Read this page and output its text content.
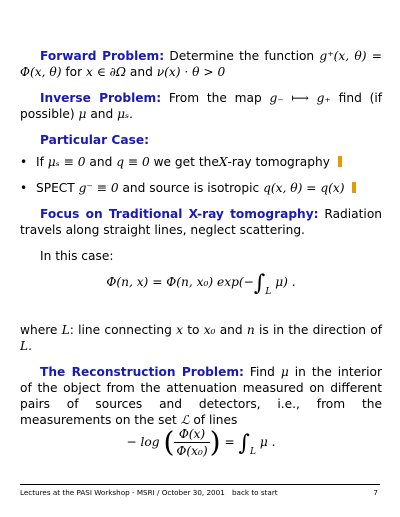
Forward Problem: Determine the function g⁺(x, θ) = Φ(x, θ) for x ∈ ∂Ω and ν(x) · θ > 0

Inverse Problem: From the map g₋ ⟼ g₊ find (if possible) μ and μₛ.

Particular Case:

• If μₛ ≡ 0 and q ≡ 0 we get theX-ray tomography
• SPECT g⁻ ≡ 0 and source is isotropic q(x, θ) = q(x)

Focus on Traditional X-ray tomography: Radiation travels along straight lines, neglect scattering.

In this case:

Φ(n, x) = Φ(n, x₀) $\exp(-\int_L$ μ) .

where L: line connecting x to x₀ and n is in the direction of L.

The Reconstruction Problem: Find μ in the interior of the object from the attenuation measured on different pairs of sources and detectors, i.e., from the measurements on the set ℒ of lines

− log ( $\frac{\Phi(x)}{\text{Φ(x₀)}}$ ) = $\int_L$ μ .
Lectures at the PASI Workshop - MSRI / October 30, 2001 back to start	7
